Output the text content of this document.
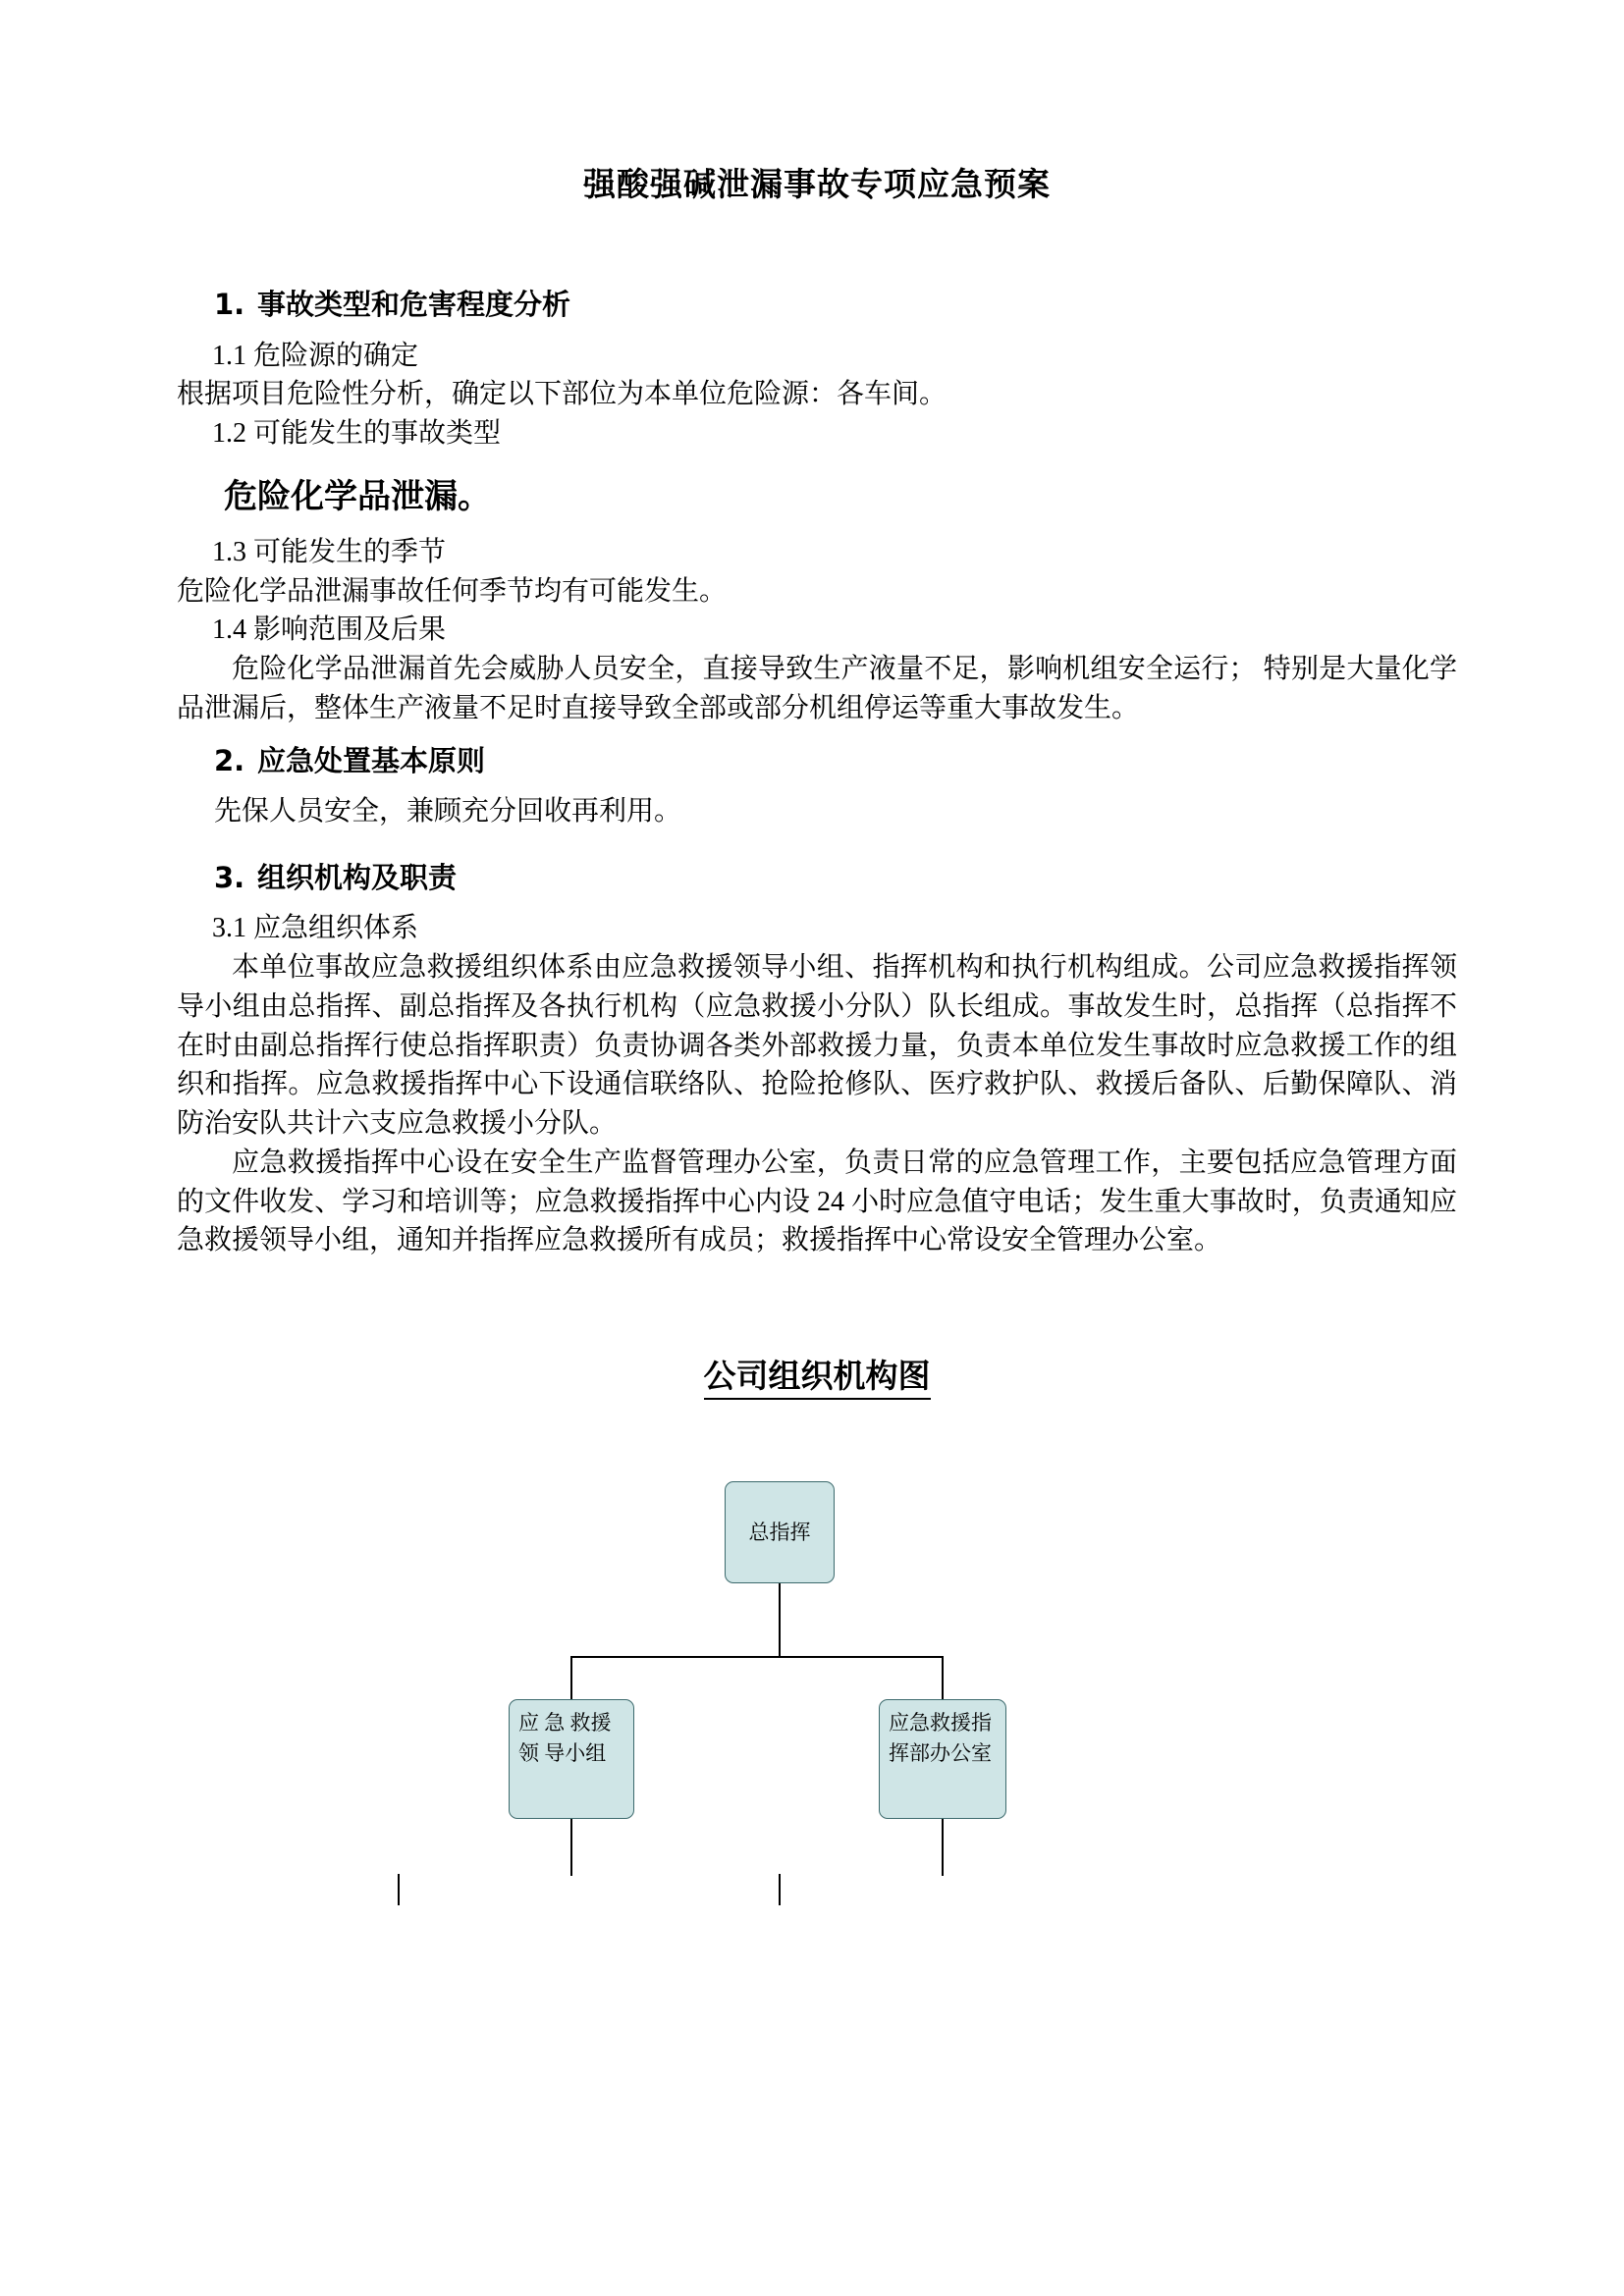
强酸强碱泄漏事故专项应急预案
1. 事故类型和危害程度分析

1.1 危险源的确定

根据项目危险性分析，确定以下部位为本单位危险源：各车间。

1.2 可能发生的事故类型

危险化学品泄漏。

1.3 可能发生的季节

危险化学品泄漏事故任何季节均有可能发生。

1.4 影响范围及后果

危险化学品泄漏首先会威胁人员安全，直接导致生产液量不足，影响机组安全运行； 特别是大量化学品泄漏后，整体生产液量不足时直接导致全部或部分机组停运等重大事故发生。

2. 应急处置基本原则

先保人员安全，兼顾充分回收再利用。

3. 组织机构及职责

3.1 应急组织体系

本单位事故应急救援组织体系由应急救援领导小组、指挥机构和执行机构组成。公司应急救援指挥领导小组由总指挥、副总指挥及各执行机构（应急救援小分队）队长组成。事故发生时，总指挥（总指挥不在时由副总指挥行使总指挥职责）负责协调各类外部救援力量，负责本单位发生事故时应急救援工作的组织和指挥。应急救援指挥中心下设通信联络队、抢险抢修队、医疗救护队、救援后备队、后勤保障队、消防治安队共计六支应急救援小分队。

应急救援指挥中心设在安全生产监督管理办公室，负责日常的应急管理工作，主要包括应急管理方面的文件收发、学习和培训等；应急救援指挥中心内设 24 小时应急值守电话；发生重大事故时，负责通知应急救援领导小组，通知并指挥应急救援所有成员；救援指挥中心常设安全管理办公室。

公司组织机构图
总指挥
应 急 救援 领 导小组
应急救援指挥部办公室
